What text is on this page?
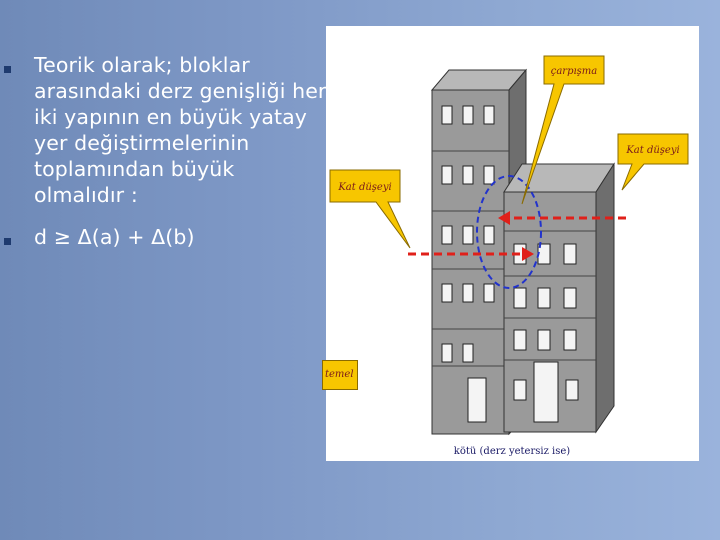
Teorik olarak; bloklar
arasındaki derz genişliği her
iki yapının en büyük yatay
yer değiştirmelerinin
toplamından büyük
olmalıdır :
d ≥ Δ(a) + Δ(b)
çarpışma
Kat düşeyi
Kat düşeyi
kötü (derz yetersiz ise)
temel
